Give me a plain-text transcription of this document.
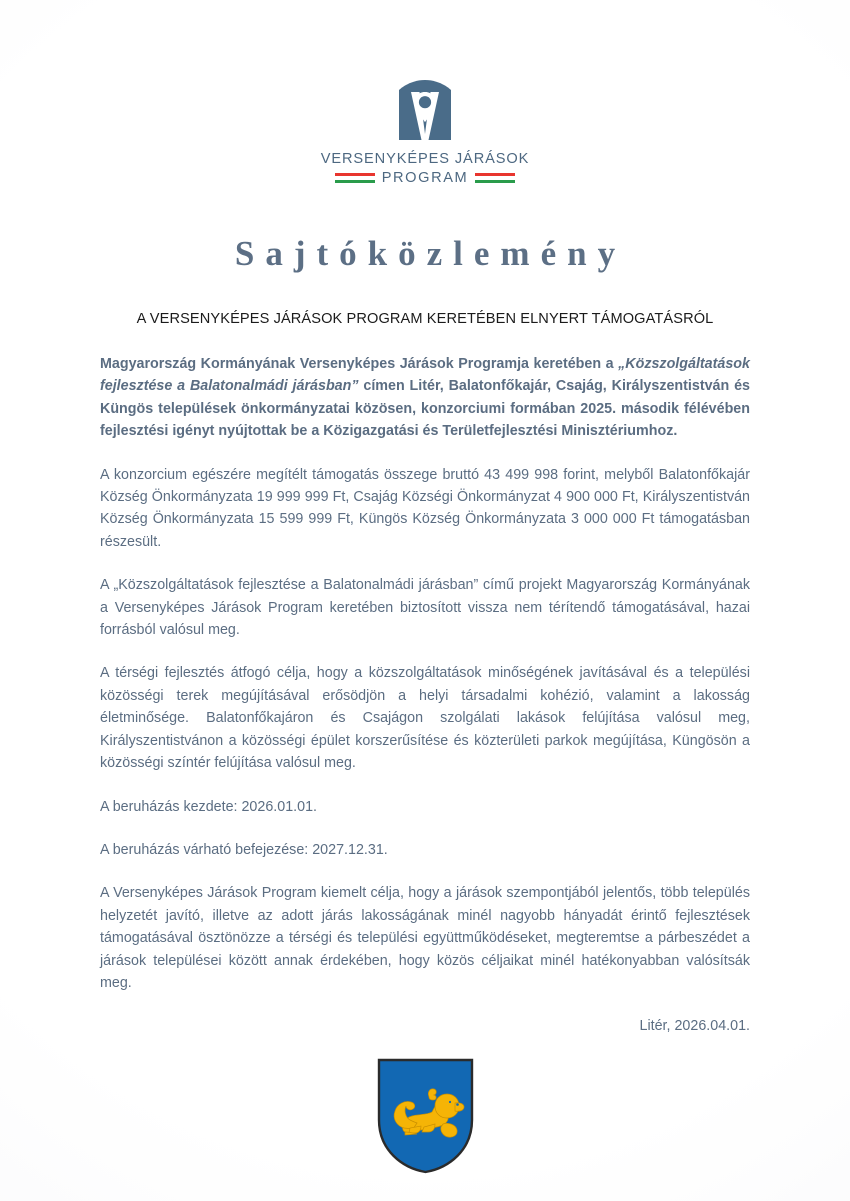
VERSENYKÉPES JÁRÁSOK
PROGRAM
Sajtóközlemény
A VERSENYKÉPES JÁRÁSOK PROGRAM KERETÉBEN ELNYERT TÁMOGATÁSRÓL

Magyarország Kormányának Versenyképes Járások Programja keretében a „Közszolgáltatások fejlesztése a Balatonalmádi járásban” címen Litér, Balatonfőkajár, Csajág, Királyszentistván és Küngös települések önkormányzatai közösen, konzorciumi formában 2025. második félévében fejlesztési igényt nyújtottak be a Közigazgatási és Területfejlesztési Minisztériumhoz.

A konzorcium egészére megítélt támogatás összege bruttó 43 499 998 forint, melyből Balatonfőkajár Község Önkormányzata 19 999 999 Ft, Csajág Községi Önkormányzat 4 900 000 Ft, Királyszentistván Község Önkormányzata 15 599 999 Ft, Küngös Község Önkormányzata 3 000 000 Ft támogatásban részesült.

A „Közszolgáltatások fejlesztése a Balatonalmádi járásban” című projekt Magyarország Kormányának a Versenyképes Járások Program keretében biztosított vissza nem térítendő támogatásával, hazai forrásból valósul meg.

A térségi fejlesztés átfogó célja, hogy a közszolgáltatások minőségének javításával és a települési közösségi terek megújításával erősödjön a helyi társadalmi kohézió, valamint a lakosság életminősége. Balatonfőkajáron és Csajágon szolgálati lakások felújítása valósul meg, Királyszentistvánon a közösségi épület korszerűsítése és közterületi parkok megújítása, Küngösön a közösségi színtér felújítása valósul meg.

A beruházás kezdete: 2026.01.01.

A beruházás várható befejezése: 2027.12.31.

A Versenyképes Járások Program kiemelt célja, hogy a járások szempontjából jelentős, több település helyzetét javító, illetve az adott járás lakosságának minél nagyobb hányadát érintő fejlesztések támogatásával ösztönözze a térségi és települési együttműködéseket, megteremtse a párbeszédet a járások települései között annak érdekében, hogy közös céljaikat minél hatékonyabban valósítsák meg.

Litér, 2026.04.01.
